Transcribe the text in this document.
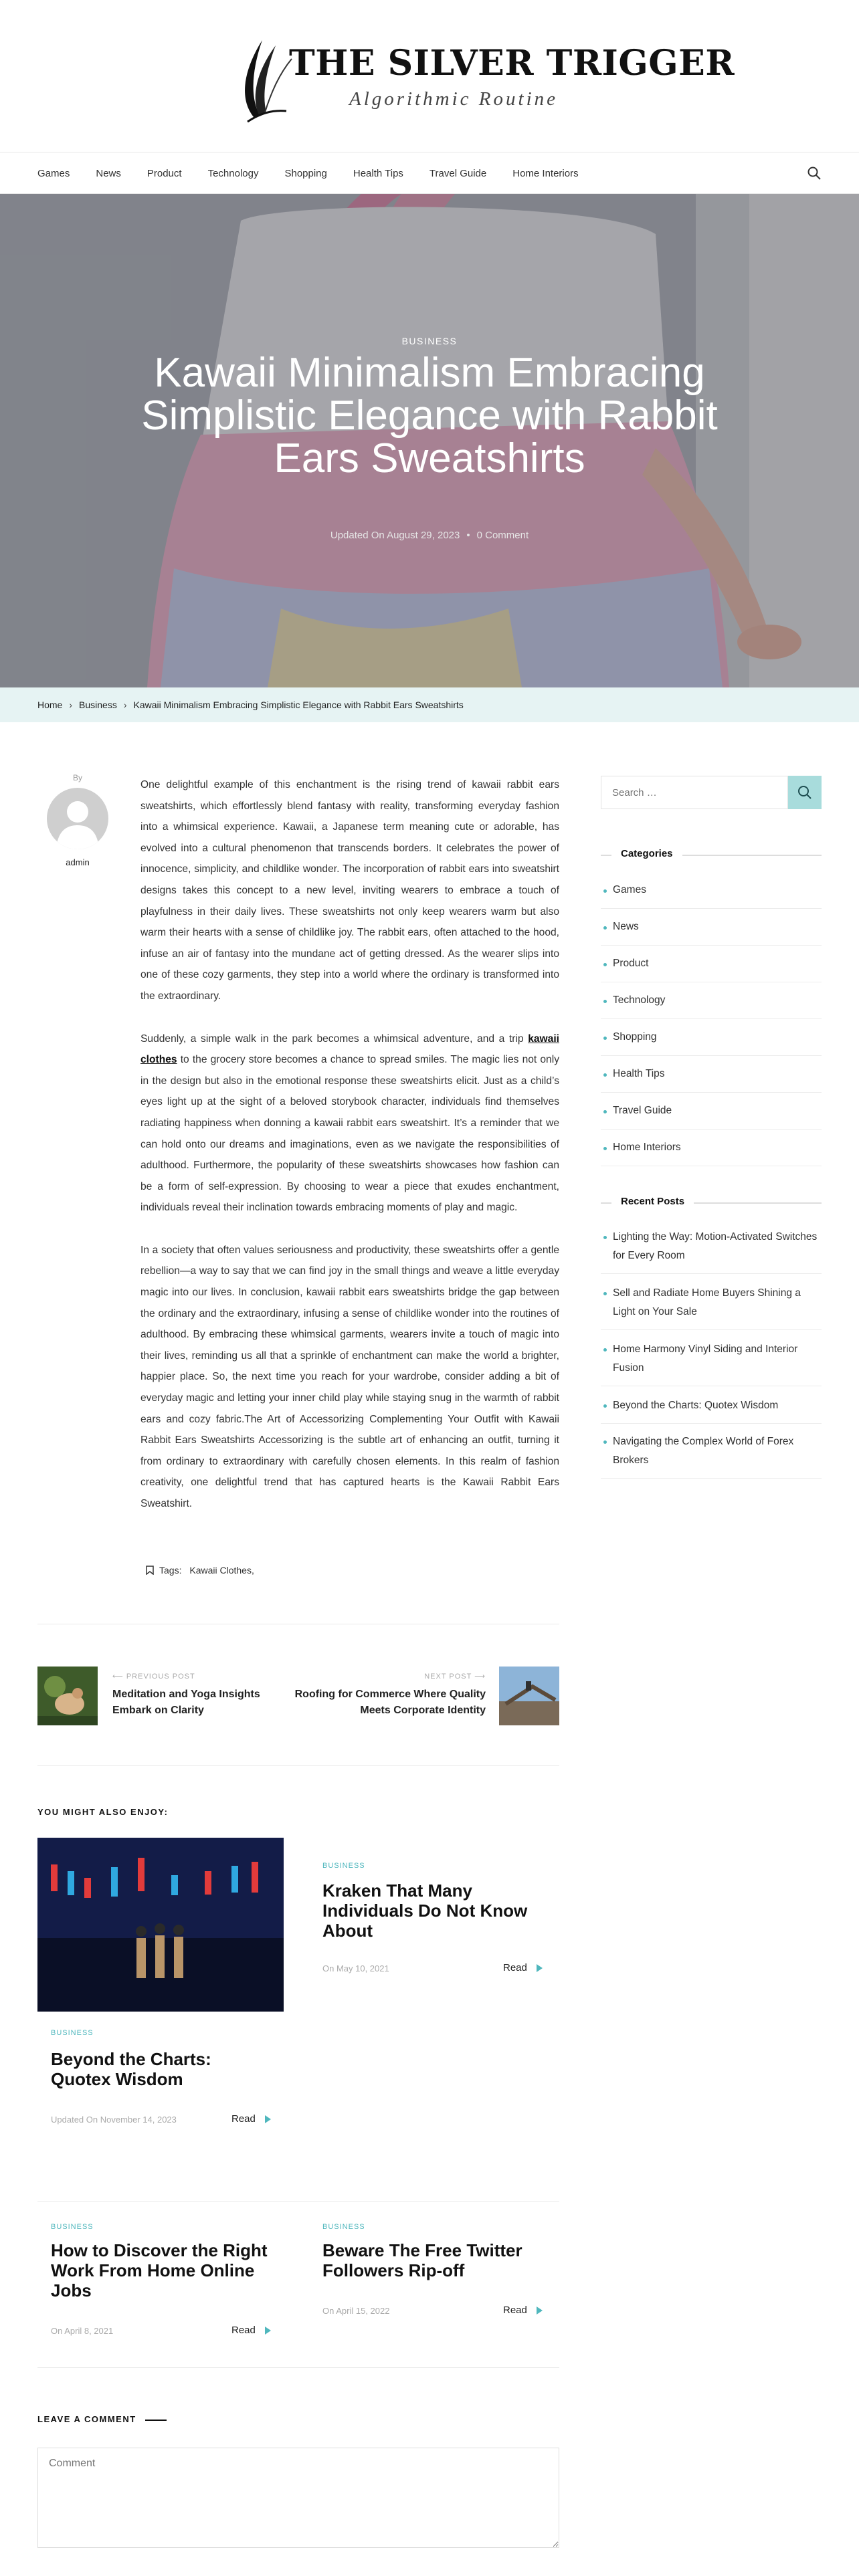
THE SILVER TRIGGER
Algorithmic Routine
Games	News	Product	Technology	Shopping	Health Tips	Travel Guide	Home Interiors
BUSINESS
Kawaii Minimalism Embracing Simplistic Elegance with Rabbit Ears Sweatshirts
Updated On August 29, 2023 • 0 Comment
Home › Business › Kawaii Minimalism Embracing Simplistic Elegance with Rabbit Ears Sweatshirts
By
admin

One delightful example of this enchantment is the rising trend of kawaii rabbit ears sweatshirts, which effortlessly blend fantasy with reality, transforming everyday fashion into a whimsical experience. Kawaii, a Japanese term meaning cute or adorable, has evolved into a cultural phenomenon that transcends borders. It celebrates the power of innocence, simplicity, and childlike wonder. The incorporation of rabbit ears into sweatshirt designs takes this concept to a new level, inviting wearers to embrace a touch of playfulness in their daily lives. These sweatshirts not only keep wearers warm but also warm their hearts with a sense of childlike joy. The rabbit ears, often attached to the hood, infuse an air of fantasy into the mundane act of getting dressed. As the wearer slips into one of these cozy garments, they step into a world where the ordinary is transformed into the extraordinary.

Suddenly, a simple walk in the park becomes a whimsical adventure, and a trip kawaii clothes to the grocery store becomes a chance to spread smiles. The magic lies not only in the design but also in the emotional response these sweatshirts elicit. Just as a child’s eyes light up at the sight of a beloved storybook character, individuals find themselves radiating happiness when donning a kawaii rabbit ears sweatshirt. It’s a reminder that we can hold onto our dreams and imaginations, even as we navigate the responsibilities of adulthood. Furthermore, the popularity of these sweatshirts showcases how fashion can be a form of self-expression. By choosing to wear a piece that exudes enchantment, individuals reveal their inclination towards embracing moments of play and magic.

In a society that often values seriousness and productivity, these sweatshirts offer a gentle rebellion—a way to say that we can find joy in the small things and weave a little everyday magic into our lives. In conclusion, kawaii rabbit ears sweatshirts bridge the gap between the ordinary and the extraordinary, infusing a sense of childlike wonder into the routines of adulthood. By embracing these whimsical garments, wearers invite a touch of magic into their lives, reminding us all that a sprinkle of enchantment can make the world a brighter, happier place. So, the next time you reach for your wardrobe, consider adding a bit of everyday magic and letting your inner child play while staying snug in the warmth of rabbit ears and cozy fabric.The Art of Accessorizing Complementing Your Outfit with Kawaii Rabbit Ears Sweatshirts Accessorizing is the subtle art of enhancing an outfit, turning it from ordinary to extraordinary with carefully chosen elements. In this realm of fashion creativity, one delightful trend that has captured hearts is the Kawaii Rabbit Ears Sweatshirt.

Tags: Kawaii Clothes,
⟵ PREVIOUS POST
Meditation and Yoga Insights Embark on Clarity
NEXT POST ⟶
Roofing for Commerce Where Quality Meets Corporate Identity
YOU MIGHT ALSO ENJOY:
BUSINESS
Beyond the Charts: Quotex Wisdom
Updated On November 14, 2023	Read
BUSINESS
Kraken That Many Individuals Do Not Know About
On May 10, 2021	Read
BUSINESS
How to Discover the Right Work From Home Online Jobs
On April 8, 2021	Read
BUSINESS
Beware The Free Twitter Followers Rip-off
On April 15, 2022	Read
LEAVE A COMMENT
Comment
Search …
Categories
Games
News
Product
Technology
Shopping
Health Tips
Travel Guide
Home Interiors
Recent Posts
Lighting the Way: Motion-Activated Switches for Every Room
Sell and Radiate Home Buyers Shining a Light on Your Sale
Home Harmony Vinyl Siding and Interior Fusion
Beyond the Charts: Quotex Wisdom
Navigating the Complex World of Forex Brokers
